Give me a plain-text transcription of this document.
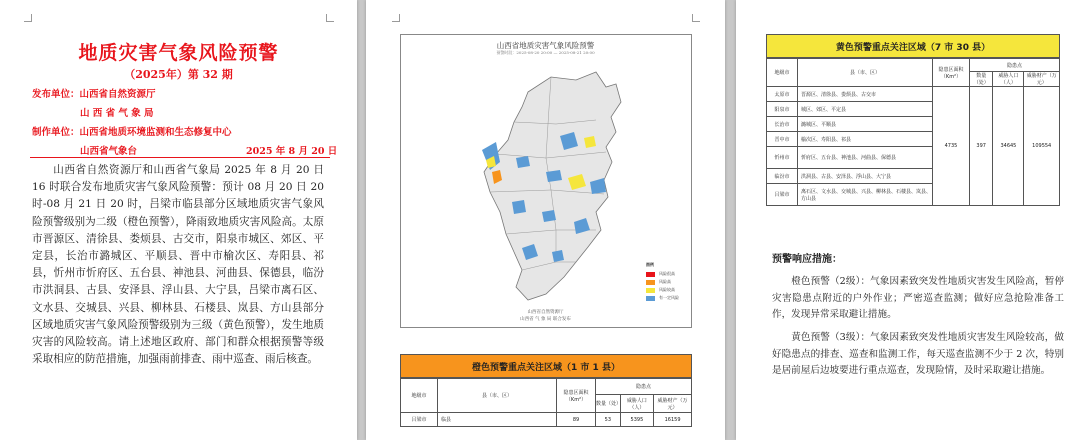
地质灾害气象风险预警
（2025年）第 32 期
发布单位：山西省自然资源厅
山 西 省 气 象 局
制作单位：山西省地质环境监测和生态修复中心
山西省气象台	2025 年 8 月 20 日

山西省自然资源厅和山西省气象局 2025 年 8 月 20 日 16 时联合发布地质灾害气象风险预警：预计 08 月 20 日 20 时-08 月 21 日 20 时，吕梁市临县部分区域地质灾害气象风险预警级别为二级（橙色预警），降雨致地质灾害风险高。太原市晋源区、清徐县、娄烦县、古交市，阳泉市城区、郊区、平定县，长治市潞城区、平顺县、晋中市榆次区、寿阳县、祁县，忻州市忻府区、五台县、神池县、河曲县、保德县，临汾市洪洞县、古县、安泽县、浮山县、大宁县，吕梁市离石区、文水县、交城县、兴县、柳林县、石楼县、岚县、方山县部分区域地质灾害气象风险预警级别为三级（黄色预警），发生地质灾害的风险较高。请上述地区政府、部门和群众根据预警等级采取相应的防范措施，加强雨前排查、雨中巡查、雨后核查。

山西省地质灾害气象风险预警
预警时段：2025-08-20 20:00 — 2025-08-21 20:00
图例
风险很高
风险高
风险较高
有一定风险
山西省自然资源厅
山西省 气 象 局 联合发布
橙色预警重点关注区域（1 市 1 县）
地级市	县（市、区）	隐患区面积（Km²）	隐患点		
			数量（处）	威胁人口（人）	威胁财产（万元）
吕梁市	临县	89	53	5395	16159
黄色预警重点关注区域（7 市 30 县）
地级市	县（市、区）	隐患区面积（Km²）	隐患点		
			数量（处）	威胁人口（人）	威胁财产（万元）
太原市	晋源区、清徐县、娄烦县、古交市	4735	397	34645	109554
阳泉市	城区、郊区、平定县				
长治市	潞城区、平顺县				
晋中市	榆次区、寿阳县、祁县				
忻州市	忻府区、五台县、神池县、河曲县、保德县				
临汾市	洪洞县、古县、安泽县、浮山县、大宁县				
吕梁市	离石区、文水县、交城县、兴县、柳林县、石楼县、岚县、方山县				
预警响应措施：

橙色预警（2级）：气象因素致突发性地质灾害发生风险高，暂停灾害隐患点附近的户外作业；严密巡查监测；做好应急抢险准备工作，发现异常采取避让措施。

黄色预警（3级）：气象因素致突发性地质灾害发生风险较高，做好隐患点的排查、巡查和监测工作，每天巡查监测不少于 2 次，特别是居前屋后边坡要进行重点巡查，发现险情，及时采取避让措施。
